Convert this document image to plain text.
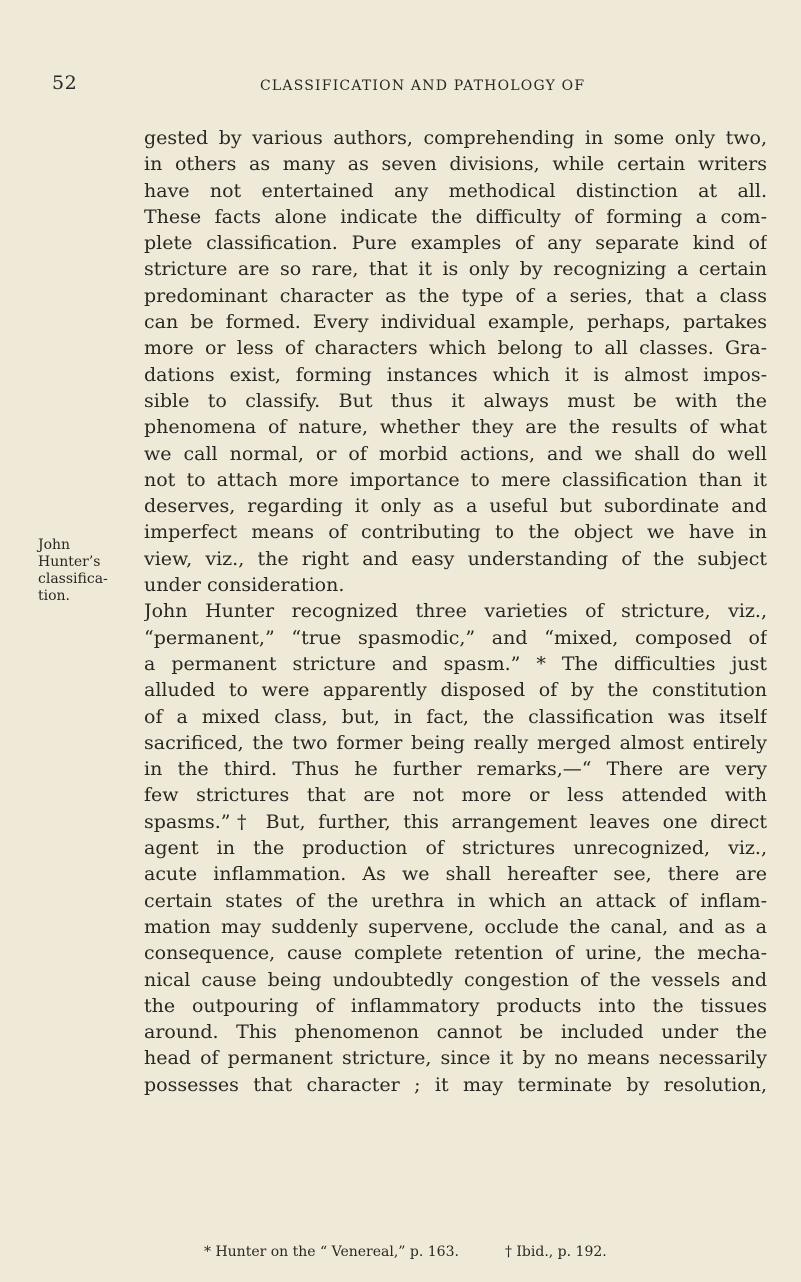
52	CLASSIFICATION AND PATHOLOGY OF
John
Hunter’s
classifica-
tion.
gested by various authors, comprehending in some only two,
in others as many as seven divisions, while certain writers
have not entertained any methodical distinction at all.
These facts alone indicate the difficulty of forming a com-
plete classification. Pure examples of any separate kind of
stricture are so rare, that it is only by recognizing a certain
predominant character as the type of a series, that a class
can be formed. Every individual example, perhaps, partakes
more or less of characters which belong to all classes. Gra-
dations exist, forming instances which it is almost impos-
sible to classify. But thus it always must be with the
phenomena of nature, whether they are the results of what
we call normal, or of morbid actions, and we shall do well
not to attach more importance to mere classification than it
deserves, regarding it only as a useful but subordinate and
imperfect means of contributing to the object we have in
view, viz., the right and easy understanding of the subject
under consideration.
John Hunter recognized three varieties of stricture, viz.,
“permanent,” “true spasmodic,” and “mixed, composed of
a permanent stricture and spasm.” * The difficulties just
alluded to were apparently disposed of by the constitution
of a mixed class, but, in fact, the classification was itself
sacrificed, the two former being really merged almost entirely
in the third. Thus he further remarks,—“ There are very
few strictures that are not more or less attended with
spasms.”† But, further, this arrangement leaves one direct
agent in the production of strictures unrecognized, viz.,
acute inflammation. As we shall hereafter see, there are
certain states of the urethra in which an attack of inflam-
mation may suddenly supervene, occlude the canal, and as a
consequence, cause complete retention of urine, the mecha-
nical cause being undoubtedly congestion of the vessels and
the outpouring of inflammatory products into the tissues
around. This phenomenon cannot be included under the
head of permanent stricture, since it by no means necessarily
possesses that character ; it may terminate by resolution,
* Hunter on the “ Venereal,” p. 163.	† Ibid., p. 192.
